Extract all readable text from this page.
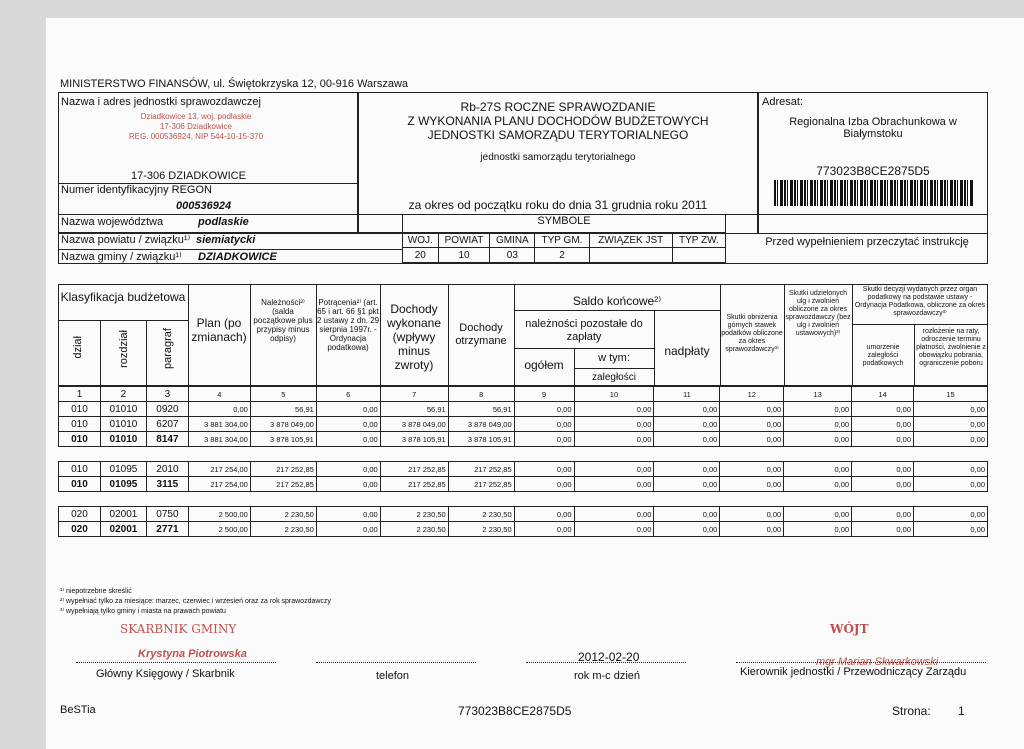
MINISTERSTWO FINANSÓW, ul. Świętokrzyska 12, 00-916 Warszawa
Nazwa i adres jednostki sprawozdawczej
Dziadkowice 13, woj. podlaskie
17-306 Dziadkowice
REG. 000536924, NIP 544-10-15-370
17-306 DZIADKOWICE
Numer identyfikacyjny REGON
000536924
Rb-27S ROCZNE SPRAWOZDANIE
Z WYKONANIA PLANU DOCHODÓW BUDŻETOWYCH
JEDNOSTKI SAMORZĄDU TERYTORIALNEGO
jednostki samorządu terytorialnego
za okres od początku roku do dnia 31 grudnia roku 2011
Adresat:
Regionalna Izba Obrachunkowa w
Białymstoku
773023B8CE2875D5
Nazwa województwa	podlaskie
Nazwa powiatu / związku¹⁾ siemiatycki
Nazwa gminy / związku¹⁾ DZIADKOWICE
SYMBOLE
WOJ.	POWIAT	GMINA	TYP GM.	ZWIĄZEK JST	TYP ZW.
20	10	03	2		
Przed wypełnieniem przeczytać instrukcję
Klasyfikacja budżetowa
dział	rozdział	paragraf
Plan (po zmianach)
Należności²⁾ (salda początkowe plus przypisy minus odpisy)
Potrącenia²⁾ (art. 65 i art. 66 §1 pkt 2 ustawy z dn. 29 sierpnia 1997r. - Ordynacja podatkowa)
Dochody wykonane (wpływy minus zwroty)
Dochody otrzymane
Saldo końcowe²⁾
należności pozostałe do zapłaty
ogółem	w tym:
zaległości
nadpłaty
Skutki obniżenia górnych stawek podatków obliczone za okres sprawozdawczy³⁾
Skutki udzielonych ulg i zwolnień obliczone za okres sprawozdawczy (bez ulg i zwolnień ustawowych)³⁾
Skutki decyzji wydanych przez organ podatkowy na podstawie ustawy - Ordynacja Podatkowa, obliczone za okres sprawozdawczy³⁾
umorzenie zaległości podatkowych
rozłożenie na raty, odroczenie terminu płatności, zwolnienie z obowiązku pobrania, ograniczenie poboru
1	2	3	4	5	6	7	8	9	10	11	12	13	14	15
010	01010	0920	0,00	56,91	0,00	56,91	56,91	0,00	0,00	0,00	0,00	0,00	0,00	0,00
010	01010	6207	3 881 304,00	3 878 049,00	0,00	3 878 049,00	3 878 049,00	0,00	0,00	0,00	0,00	0,00	0,00	0,00
010	01010	8147	3 881 304,00	3 878 105,91	0,00	3 878 105,91	3 878 105,91	0,00	0,00	0,00	0,00	0,00	0,00	0,00

010	01095	2010	217 254,00	217 252,85	0,00	217 252,85	217 252,85	0,00	0,00	0,00	0,00	0,00	0,00	0,00
010	01095	3115	217 254,00	217 252,85	0,00	217 252,85	217 252,85	0,00	0,00	0,00	0,00	0,00	0,00	0,00

020	02001	0750	2 500,00	2 230,50	0,00	2 230,50	2 230,50	0,00	0,00	0,00	0,00	0,00	0,00	0,00
020	02001	2771	2 500,00	2 230,50	0,00	2 230,50	2 230,50	0,00	0,00	0,00	0,00	0,00	0,00	0,00
¹⁾ niepotrzebne skreślić
²⁾ wypełniać tylko za miesiące: marzec, czerwiec i wrzesień oraz za rok sprawozdawczy
³⁾ wypełniają tylko gminy i miasta na prawach powiatu
SKARBNIK GMINY
Krystyna Piotrowska
Główny Księgowy / Skarbnik	telefon
2012-02-20
rok m-c dzień
WÓJT
mgr Marian Skwarkowski
Kierownik jednostki / Przewodniczący Zarządu
BeSTia	773023B8CE2875D5	Strona: 1
